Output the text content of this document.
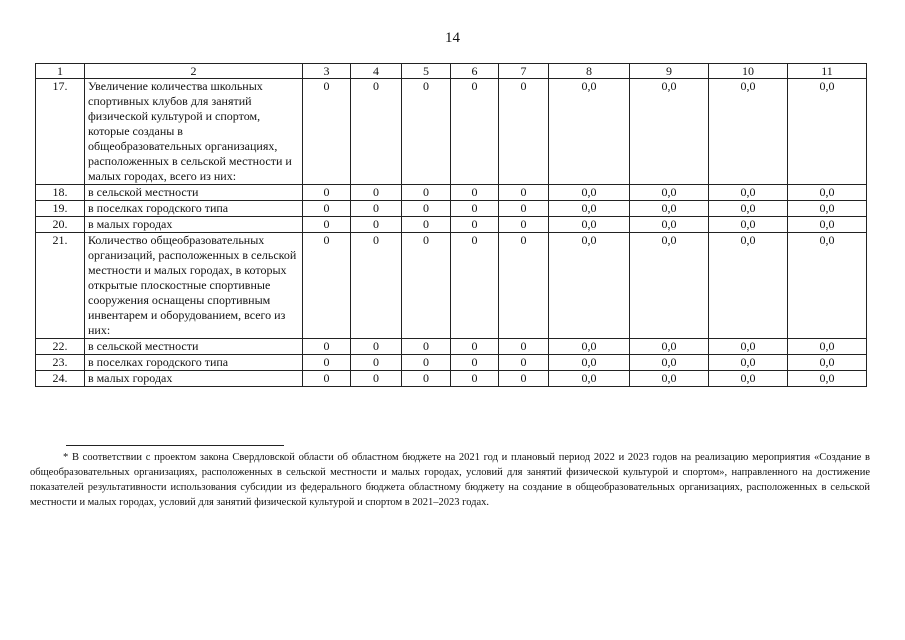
14
1	2	3	4	5	6	7	8	9	10	11
17.	Увеличение количества школьных спортивных клубов для занятий физической культурой и спортом, которые созданы в общеобразовательных организациях, расположенных в сельской местности и малых городах, всего из них:	0	0	0	0	0	0,0	0,0	0,0	0,0
18.	в сельской местности	0	0	0	0	0	0,0	0,0	0,0	0,0
19.	в поселках городского типа	0	0	0	0	0	0,0	0,0	0,0	0,0
20.	в малых городах	0	0	0	0	0	0,0	0,0	0,0	0,0
21.	Количество общеобразовательных организаций, расположенных в сельской местности и малых городах, в которых открытые плоскостные спортивные сооружения оснащены спортивным инвентарем и оборудованием, всего из них:	0	0	0	0	0	0,0	0,0	0,0	0,0
22.	в сельской местности	0	0	0	0	0	0,0	0,0	0,0	0,0
23.	в поселках городского типа	0	0	0	0	0	0,0	0,0	0,0	0,0
24.	в малых городах	0	0	0	0	0	0,0	0,0	0,0	0,0
* В соответствии с проектом закона Свердловской области об областном бюджете на 2021 год и плановый период 2022 и 2023 годов на реализацию мероприятия «Создание в общеобразовательных организациях, расположенных в сельской местности и малых городах, условий для занятий физической культурой и спортом», направленного на достижение показателей результативности использования субсидии из федерального бюджета областному бюджету на создание в общеобразовательных организациях, расположенных в сельской местности и малых городах, условий для занятий физической культурой и спортом в 2021–2023 годах.
